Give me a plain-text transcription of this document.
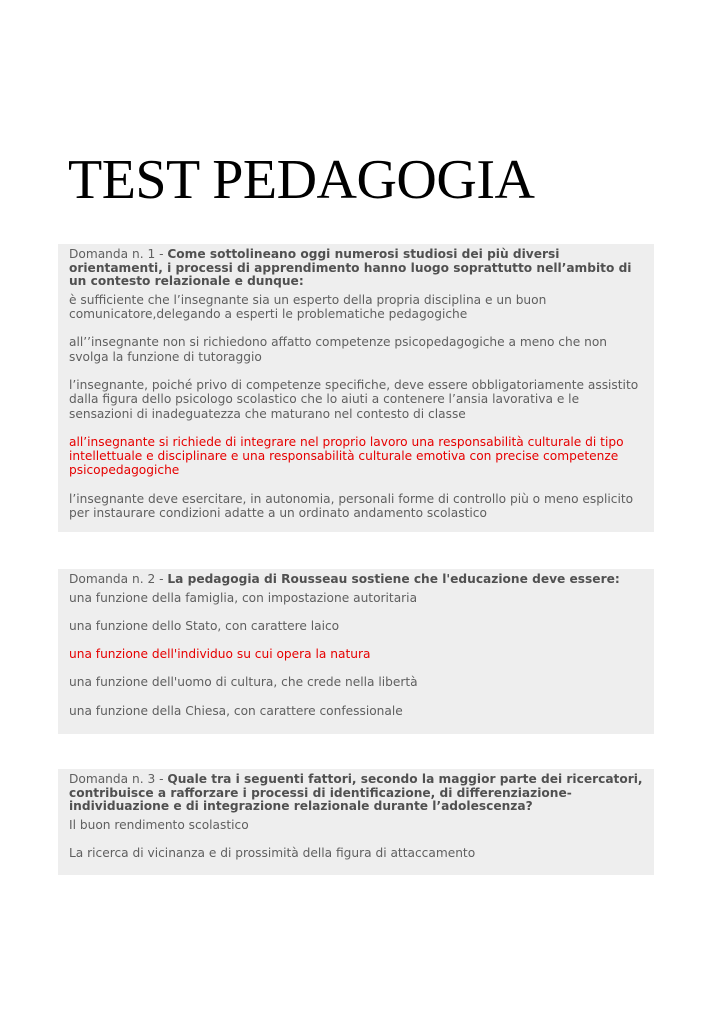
TEST PEDAGOGIA

Domanda n. 1 - Come sottolineano oggi numerosi studiosi dei più diversi orientamenti, i processi di apprendimento hanno luogo soprattutto nell’ambito di un contesto relazionale e dunque:

è sufficiente che l’insegnante sia un esperto della propria disciplina e un buon comunicatore,delegando a esperti le problematiche pedagogiche

all’’insegnante non si richiedono affatto competenze psicopedagogiche a meno che non svolga la funzione di tutoraggio

l’insegnante, poiché privo di competenze specifiche, deve essere obbligatoriamente assistito dalla figura dello psicologo scolastico che lo aiuti a contenere l’ansia lavorativa e le sensazioni di inadeguatezza che maturano nel contesto di classe

all’insegnante si richiede di integrare nel proprio lavoro una responsabilità culturale di tipo intellettuale e disciplinare e una responsabilità culturale emotiva con precise competenze psicopedagogiche

l’insegnante deve esercitare, in autonomia, personali forme di controllo più o meno esplicito per instaurare condizioni adatte a un ordinato andamento scolastico

Domanda n. 2 - La pedagogia di Rousseau sostiene che l'educazione deve essere:

una funzione della famiglia, con impostazione autoritaria

una funzione dello Stato, con carattere laico

una funzione dell'individuo su cui opera la natura

una funzione dell'uomo di cultura, che crede nella libertà

una funzione della Chiesa, con carattere confessionale

Domanda n. 3 - Quale tra i seguenti fattori, secondo la maggior parte dei ricercatori, contribuisce a rafforzare i processi di identificazione, di differenziazione-individuazione e di integrazione relazionale durante l’adolescenza?

Il buon rendimento scolastico

La ricerca di vicinanza e di prossimità della figura di attaccamento
